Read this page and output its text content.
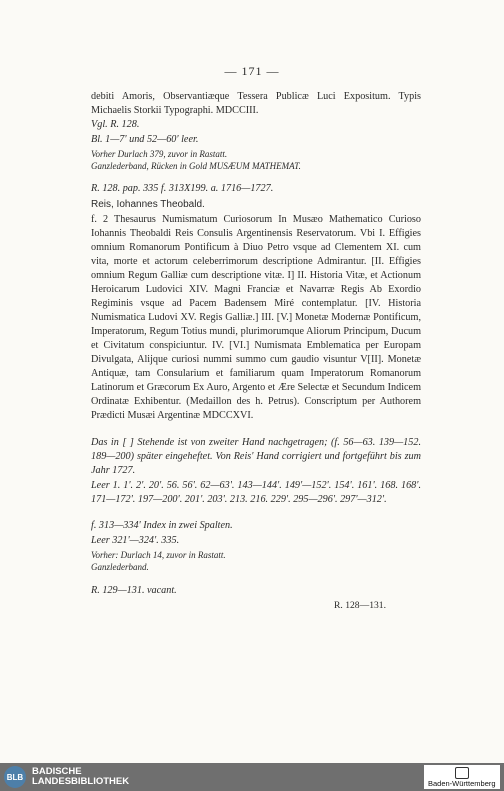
— 171 —
debiti Amoris, Observantiæque Tessera Publicæ Luci Expositum. Typis Michaelis Storkii Typographi. MDCCIII.
Vgl. R. 128.
Bl. 1—7' und 52—60' leer.
Vorher Durlach 379, zuvor in Rastatt.
Ganzlederband, Rücken in Gold MUSÆUM MATHEMAT.
R. 128. pap. 335 f. 313X199. a. 1716—1727.
Reis, Iohannes Theobald.
f. 2 Thesaurus Numismatum Curiosorum In Musæo Mathematico Curioso Iohannis Theobaldi Reis Consulis Argentinensis Reservatorum. Vbi I. Effigies omnium Romanorum Pontificum à Diuo Petro vsque ad Clementem XI. cum vita, morte et actorum celeberrimorum descriptione Admirantur. [II. Effigies omnium Regum Galliæ cum descriptione vitæ. I] II. Historia Vitæ, et Actionum Heroicarum Ludovici XIV. Magni Franciæ et Navarræ Regis Ab Exordio Regiminis vsque ad Pacem Badensem Miré contemplatur. [IV. Historia Numismatica Ludovi XV. Regis Galliæ.] III. [V.] Monetæ Modernæ Pontificum, Imperatorum, Regum Totius mundi, plurimorumque Aliorum Principum, Ducum et Civitatum conspiciuntur. IV. [VI.] Numismata Emblematica per Europam Divulgata, Alijque curiosi nummi summo cum gaudio visuntur V[II]. Monetæ Antiquæ, tam Consularium et familiarum quam Imperatorum Romanorum Latinorum et Græcorum Ex Auro, Argento et Ære Selectæ et Secundum Indicem Ordinatæ Exhibentur. (Medaillon des h. Petrus). Conscriptum per Authorem Prædicti Musæi Argentinæ MDCCXVI.
Das in [ ] Stehende ist von zweiter Hand nachgetragen; (f. 56—63. 139—152. 189—200) später eingeheftet. Von Reis' Hand corrigiert und fortgeführt bis zum Jahr 1727.
Leer 1. 1'. 2'. 20'. 56. 56'. 62—63'. 143—144'. 149'—152'. 154'. 161'. 168. 168'. 171—172'. 197—200'. 201'. 203'. 213. 216. 229'. 295—296'. 297'—312'.
f. 313—334' Index in zwei Spalten.
Leer 321'—324'. 335.
Vorher: Durlach 14, zuvor in Rastatt.
Ganzlederband.
R. 129—131. vacant.
R. 128—131.
BLB BADISCHE
LANDESBIBLIOTHEK	Baden-Württemberg
